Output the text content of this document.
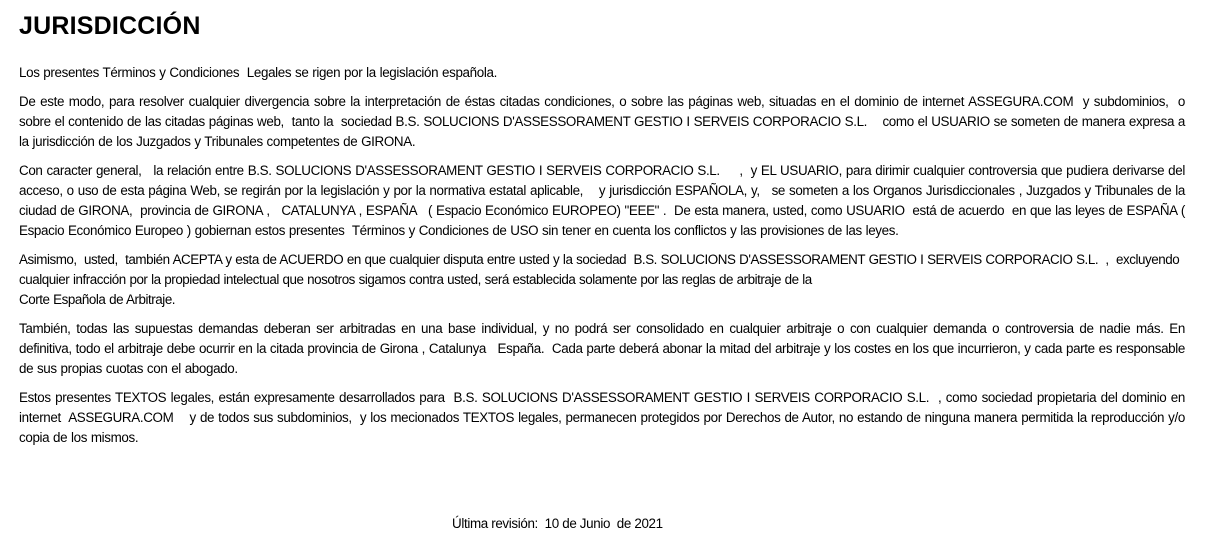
JURISDICCIÓN

Los presentes Términos y Condiciones  Legales se rigen por la legislación española.

De este modo, para resolver cualquier divergencia sobre la interpretación de éstas citadas condiciones, o sobre las páginas web, situadas en el dominio de internet ASSEGURA.COM  y subdominios,  o sobre el contenido de las citadas páginas web,  tanto la  sociedad B.S. SOLUCIONS D'ASSESSORAMENT GESTIO I SERVEIS CORPORACIO S.L.    como el USUARIO se someten de manera expresa a la jurisdicción de los Juzgados y Tribunales competentes de GIRONA.

Con caracter general,   la relación entre B.S. SOLUCIONS D'ASSESSORAMENT GESTIO I SERVEIS CORPORACIO S.L.     ,  y EL USUARIO, para dirimir cualquier controversia que pudiera derivarse del acceso, o uso de esta página Web, se regirán por la legislación y por la normativa estatal aplicable,    y jurisdicción ESPAÑOLA, y,   se someten a los Organos Jurisdiccionales , Juzgados y Tribunales de la ciudad de GIRONA,  provincia de GIRONA ,   CATALUNYA , ESPAÑA   ( Espacio Económico EUROPEO) "EEE" .  De esta manera, usted, como USUARIO  está de acuerdo  en que las leyes de ESPAÑA ( Espacio Económico Europeo ) gobiernan estos presentes  Términos y Condiciones de USO sin tener en cuenta los conflictos y las provisiones de las leyes.

Asimismo,  usted,  también ACEPTA y esta de ACUERDO en que cualquier disputa entre usted y la sociedad  B.S. SOLUCIONS D'ASSESSORAMENT GESTIO I SERVEIS CORPORACIO S.L.  ,  excluyendo cualquier infracción por la propiedad intelectual que nosotros sigamos contra usted, será establecida solamente por las reglas de arbitraje de la
Corte Española de Arbitraje.

También, todas las supuestas demandas deberan ser arbitradas en una base individual, y no podrá ser consolidado en cualquier arbitraje o con cualquier demanda o controversia de nadie más. En definitiva, todo el arbitraje debe ocurrir en la citada provincia de Girona , Catalunya   España.  Cada parte deberá abonar la mitad del arbitraje y los costes en los que incurrieron, y cada parte es responsable de sus propias cuotas con el abogado.

Estos presentes TEXTOS legales, están expresamente desarrollados para  B.S. SOLUCIONS D'ASSESSORAMENT GESTIO I SERVEIS CORPORACIO S.L.  , como sociedad propietaria del dominio en internet  ASSEGURA.COM    y de todos sus subdominios,  y los mecionados TEXTOS legales, permanecen protegidos por Derechos de Autor, no estando de ninguna manera permitida la reproducción y/o copia de los mismos.

Última revisión:  10 de Junio  de 2021
